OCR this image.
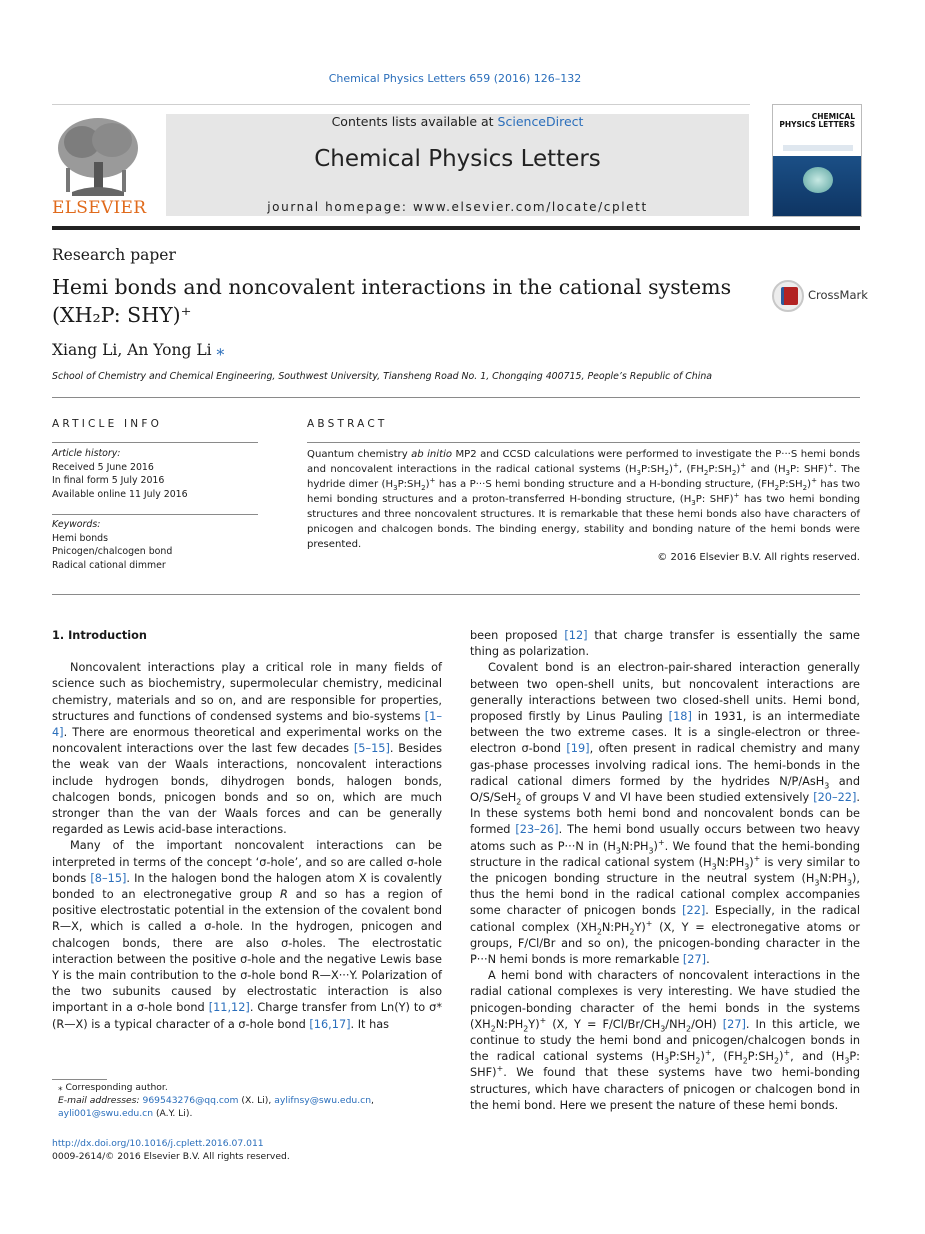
Chemical Physics Letters 659 (2016) 126–132
ELSEVIER
Contents lists available at ScienceDirect
Chemical Physics Letters
journal homepage: www.elsevier.com/locate/cplett
CHEMICAL PHYSICS LETTERS
Research paper
Hemi bonds and noncovalent interactions in the cational systems (XH₂P: SHY)⁺
CrossMark
Xiang Li, An Yong Li ⁎
School of Chemistry and Chemical Engineering, Southwest University, Tiansheng Road No. 1, Chongqing 400715, People’s Republic of China
ARTICLE INFO	ABSTRACT
Article history:
Received 5 June 2016
In final form 5 July 2016
Available online 11 July 2016
Keywords:
Hemi bonds
Pnicogen/chalcogen bond
Radical cational dimmer
Quantum chemistry ab initio MP2 and CCSD calculations were performed to investigate the P···S hemi bonds and noncovalent interactions in the radical cational systems $(H_3P:SH_2)^+$, $(FH_2P:SH_2)^+$ and ($H_3P$: SHF)+. The hydride dimer $(H_3P:SH_2)^+$ has a P···S hemi bonding structure and a H-bonding structure, $(FH_2P:SH_2)^+$ has two hemi bonding structures and a proton-transferred H-bonding structure, ($H_3P$: SHF)+ has two hemi bonding structures and three noncovalent structures. It is remarkable that these hemi bonds also have characters of pnicogen and chalcogen bonds. The binding energy, stability and bonding nature of the hemi bonds were presented.
© 2016 Elsevier B.V. All rights reserved.

1. Introduction

Noncovalent interactions play a critical role in many fields of science such as biochemistry, supermolecular chemistry, medicinal chemistry, materials and so on, and are responsible for properties, structures and functions of condensed systems and bio-systems [1–4]. There are enormous theoretical and experimental works on the noncovalent interactions over the last few decades [5–15]. Besides the weak van der Waals interactions, noncovalent interactions include hydrogen bonds, dihydrogen bonds, halogen bonds, chalcogen bonds, pnicogen bonds and so on, which are much stronger than the van der Waals forces and can be generally regarded as Lewis acid-base interactions.

Many of the important noncovalent interactions can be interpreted in terms of the concept ‘σ-hole’, and so are called σ-hole bonds [8–15]. In the halogen bond the halogen atom X is covalently bonded to an electronegative group R and so has a region of positive electrostatic potential in the extension of the covalent bond R—X, which is called a σ-hole. In the hydrogen, pnicogen and chalcogen bonds, there are also σ-holes. The electrostatic interaction between the positive σ-hole and the negative Lewis base Y is the main contribution to the σ-hole bond R—X···Y. Polarization of the two subunits caused by electrostatic interaction is also important in a σ-hole bond [11,12]. Charge transfer from Ln(Y) to σ*(R—X) is a typical character of a σ-hole bond [16,17]. It has

been proposed [12] that charge transfer is essentially the same thing as polarization.

Covalent bond is an electron-pair-shared interaction generally between two open-shell units, but noncovalent interactions are generally interactions between two closed-shell units. Hemi bond, proposed firstly by Linus Pauling [18] in 1931, is an intermediate between the two extreme cases. It is a single-electron or three-electron σ-bond [19], often present in radical chemistry and many gas-phase processes involving radical ions. The hemi-bonds in the radical cational dimers formed by the hydrides N/P/AsH$_3$ and O/S/SeH$_2$ of groups V and VI have been studied extensively [20–22]. In these systems both hemi bond and noncovalent bonds can be formed [23–26]. The hemi bond usually occurs between two heavy atoms such as P···N in $(H_3N:PH_3)^+$. We found that the hemi-bonding structure in the radical cational system $(H_3N:PH_3)^+$ is very similar to the pnicogen bonding structure in the neutral system $(H_3N:PH_3)$, thus the hemi bond in the radical cational complex accompanies some character of pnicogen bonds [22]. Especially, in the radical cational complex $(XH_2N:PH_2Y)^+$ (X, Y = electronegative atoms or groups, F/Cl/Br and so on), the pnicogen-bonding character in the P···N hemi bonds is more remarkable [27].

A hemi bond with characters of noncovalent interactions in the radial cational complexes is very interesting. We have studied the pnicogen-bonding character of the hemi bonds in the systems $(XH_2N:PH_2Y)^+$ (X, $Y = F/Cl/Br/CH_3/NH_2/OH$) [27]. In this article, we continue to study the hemi bond and pnicogen/chalcogen bonds in the radical cational systems $(H_3P:SH_2)^+$, $(FH_2P:SH_2)^+$, and ($H_3P$: SHF)+. We found that these systems have two hemi-bonding structures, which have characters of pnicogen or chalcogen bond in the hemi bond. Here we present the nature of these hemi bonds.

⁎ Corresponding author.
E-mail addresses: 969543276@qq.com (X. Li), aylifnsy@swu.edu.cn, ayli001@swu.edu.cn (A.Y. Li).
http://dx.doi.org/10.1016/j.cplett.2016.07.011
0009-2614/© 2016 Elsevier B.V. All rights reserved.
